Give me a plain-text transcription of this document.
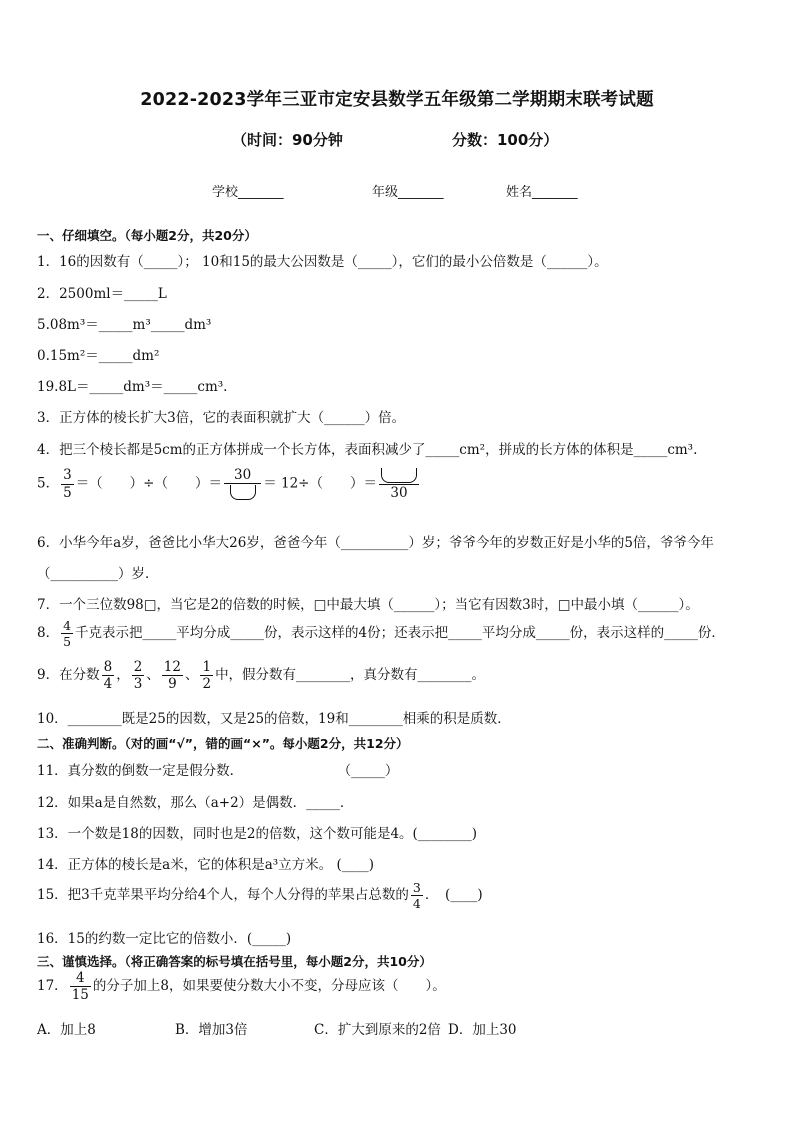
2022-2023学年三亚市定安县数学五年级第二学期期末联考试题
（时间：90分钟	分数：100分）
学校_______	年级_______	姓名_______
一、仔细填空。（每小题2分，共20分）
1．16的因数有（_____）； 10和15的最大公因数是（_____），它们的最小公倍数是（______）。
2．2500ml＝_____L
5.08m³＝_____m³_____dm³
0.15m²＝_____dm²
19.8L＝_____dm³＝_____cm³.
3．正方体的棱长扩大3倍，它的表面积就扩大（______）倍。
4．把三个棱长都是5cm的正方体拼成一个长方体，表面积减少了_____cm²，拼成的长方体的体积是_____cm³.
5． $\frac{3}{5}$ ＝（　　）÷（　　）＝
30
＝ 12÷（　　）＝
30
6．小华今年a岁，爸爸比小华大26岁，爸爸今年（__________）岁；爷爷今年的岁数正好是小华的5倍，爷爷今年
（__________）岁．
7．一个三位数98□，当它是2的倍数的时候，□中最大填（______）；当它有因数3时，□中最小填（______）。
8． $\frac{4}{5}$ 千克表示把_____平均分成_____份，表示这样的4份；还表示把_____平均分成_____份，表示这样的_____份．
9．在分数 $\frac{8}{4}$ ， $\frac{2}{3}$ 、 $\frac{12}{9}$ 、 $\frac{1}{2}$ 中，假分数有________，真分数有________。
10．________既是25的因数，又是25的倍数，19和________相乘的积是质数．
二、准确判断。（对的画“√”，错的画“×”。每小题2分，共12分）
11．真分数的倒数一定是假分数．　　　　　　　　（_____）
12．如果a是自然数，那么（a+2）是偶数．_____．
13．一个数是18的因数，同时也是2的倍数，这个数可能是4。(________)
14．正方体的棱长是a米，它的体积是a³立方米。 (____)
15．把3千克苹果平均分给4个人，每个人分得的苹果占总数的 $\frac{3}{4}$ ．　(____)
16．15的约数一定比它的倍数小．(_____)
三、谨慎选择。（将正确答案的标号填在括号里，每小题2分，共10分）
17． $\frac{4}{15}$ 的分子加上8，如果要使分数大小不变，分母应该（　　）。
A．加上8	B．增加3倍	C．扩大到原来的2倍 D．加上30
